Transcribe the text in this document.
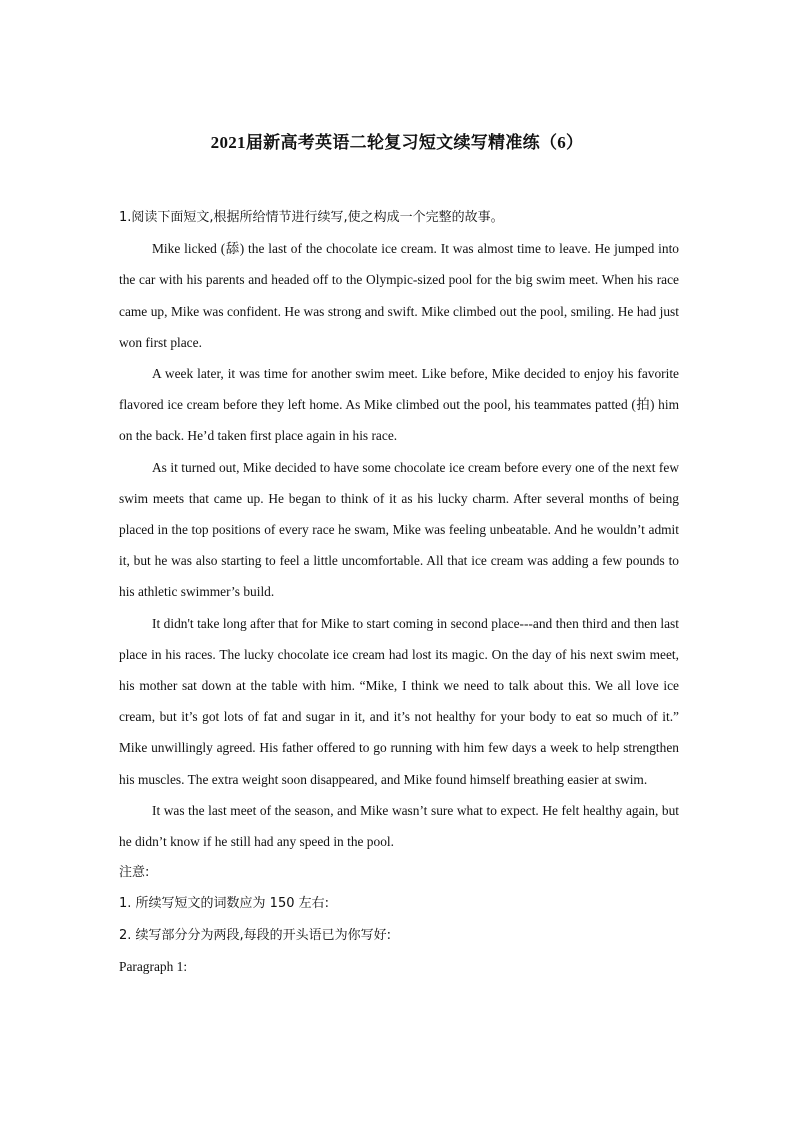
2021届新高考英语二轮复习短文续写精准练（6）

1.阅读下面短文,根据所给情节进行续写,使之构成一个完整的故事。

Mike licked (舔) the last of the chocolate ice cream. It was almost time to leave. He jumped into the car with his parents and headed off to the Olympic-sized pool for the big swim meet. When his race came up, Mike was confident. He was strong and swift. Mike climbed out the pool, smiling. He had just won first place.

A week later, it was time for another swim meet. Like before, Mike decided to enjoy his favorite flavored ice cream before they left home. As Mike climbed out the pool, his teammates patted (拍) him on the back. He’d taken first place again in his race.

As it turned out, Mike decided to have some chocolate ice cream before every one of the next few swim meets that came up. He began to think of it as his lucky charm. After several months of being placed in the top positions of every race he swam, Mike was feeling unbeatable. And he wouldn’t admit it, but he was also starting to feel a little uncomfortable. All that ice cream was adding a few pounds to his athletic swimmer’s build.

It didn't take long after that for Mike to start coming in second place---and then third and then last place in his races. The lucky chocolate ice cream had lost its magic. On the day of his next swim meet, his mother sat down at the table with him. “Mike, I think we need to talk about this. We all love ice cream, but it’s got lots of fat and sugar in it, and it’s not healthy for your body to eat so much of it.” Mike unwillingly agreed. His father offered to go running with him few days a week to help strengthen his muscles. The extra weight soon disappeared, and Mike found himself breathing easier at swim.

It was the last meet of the season, and Mike wasn’t sure what to expect. He felt healthy again, but he didn’t know if he still had any speed in the pool.

注意:

1. 所续写短文的词数应为 150 左右:

2. 续写部分分为两段,每段的开头语已为你写好:

Paragraph 1:
